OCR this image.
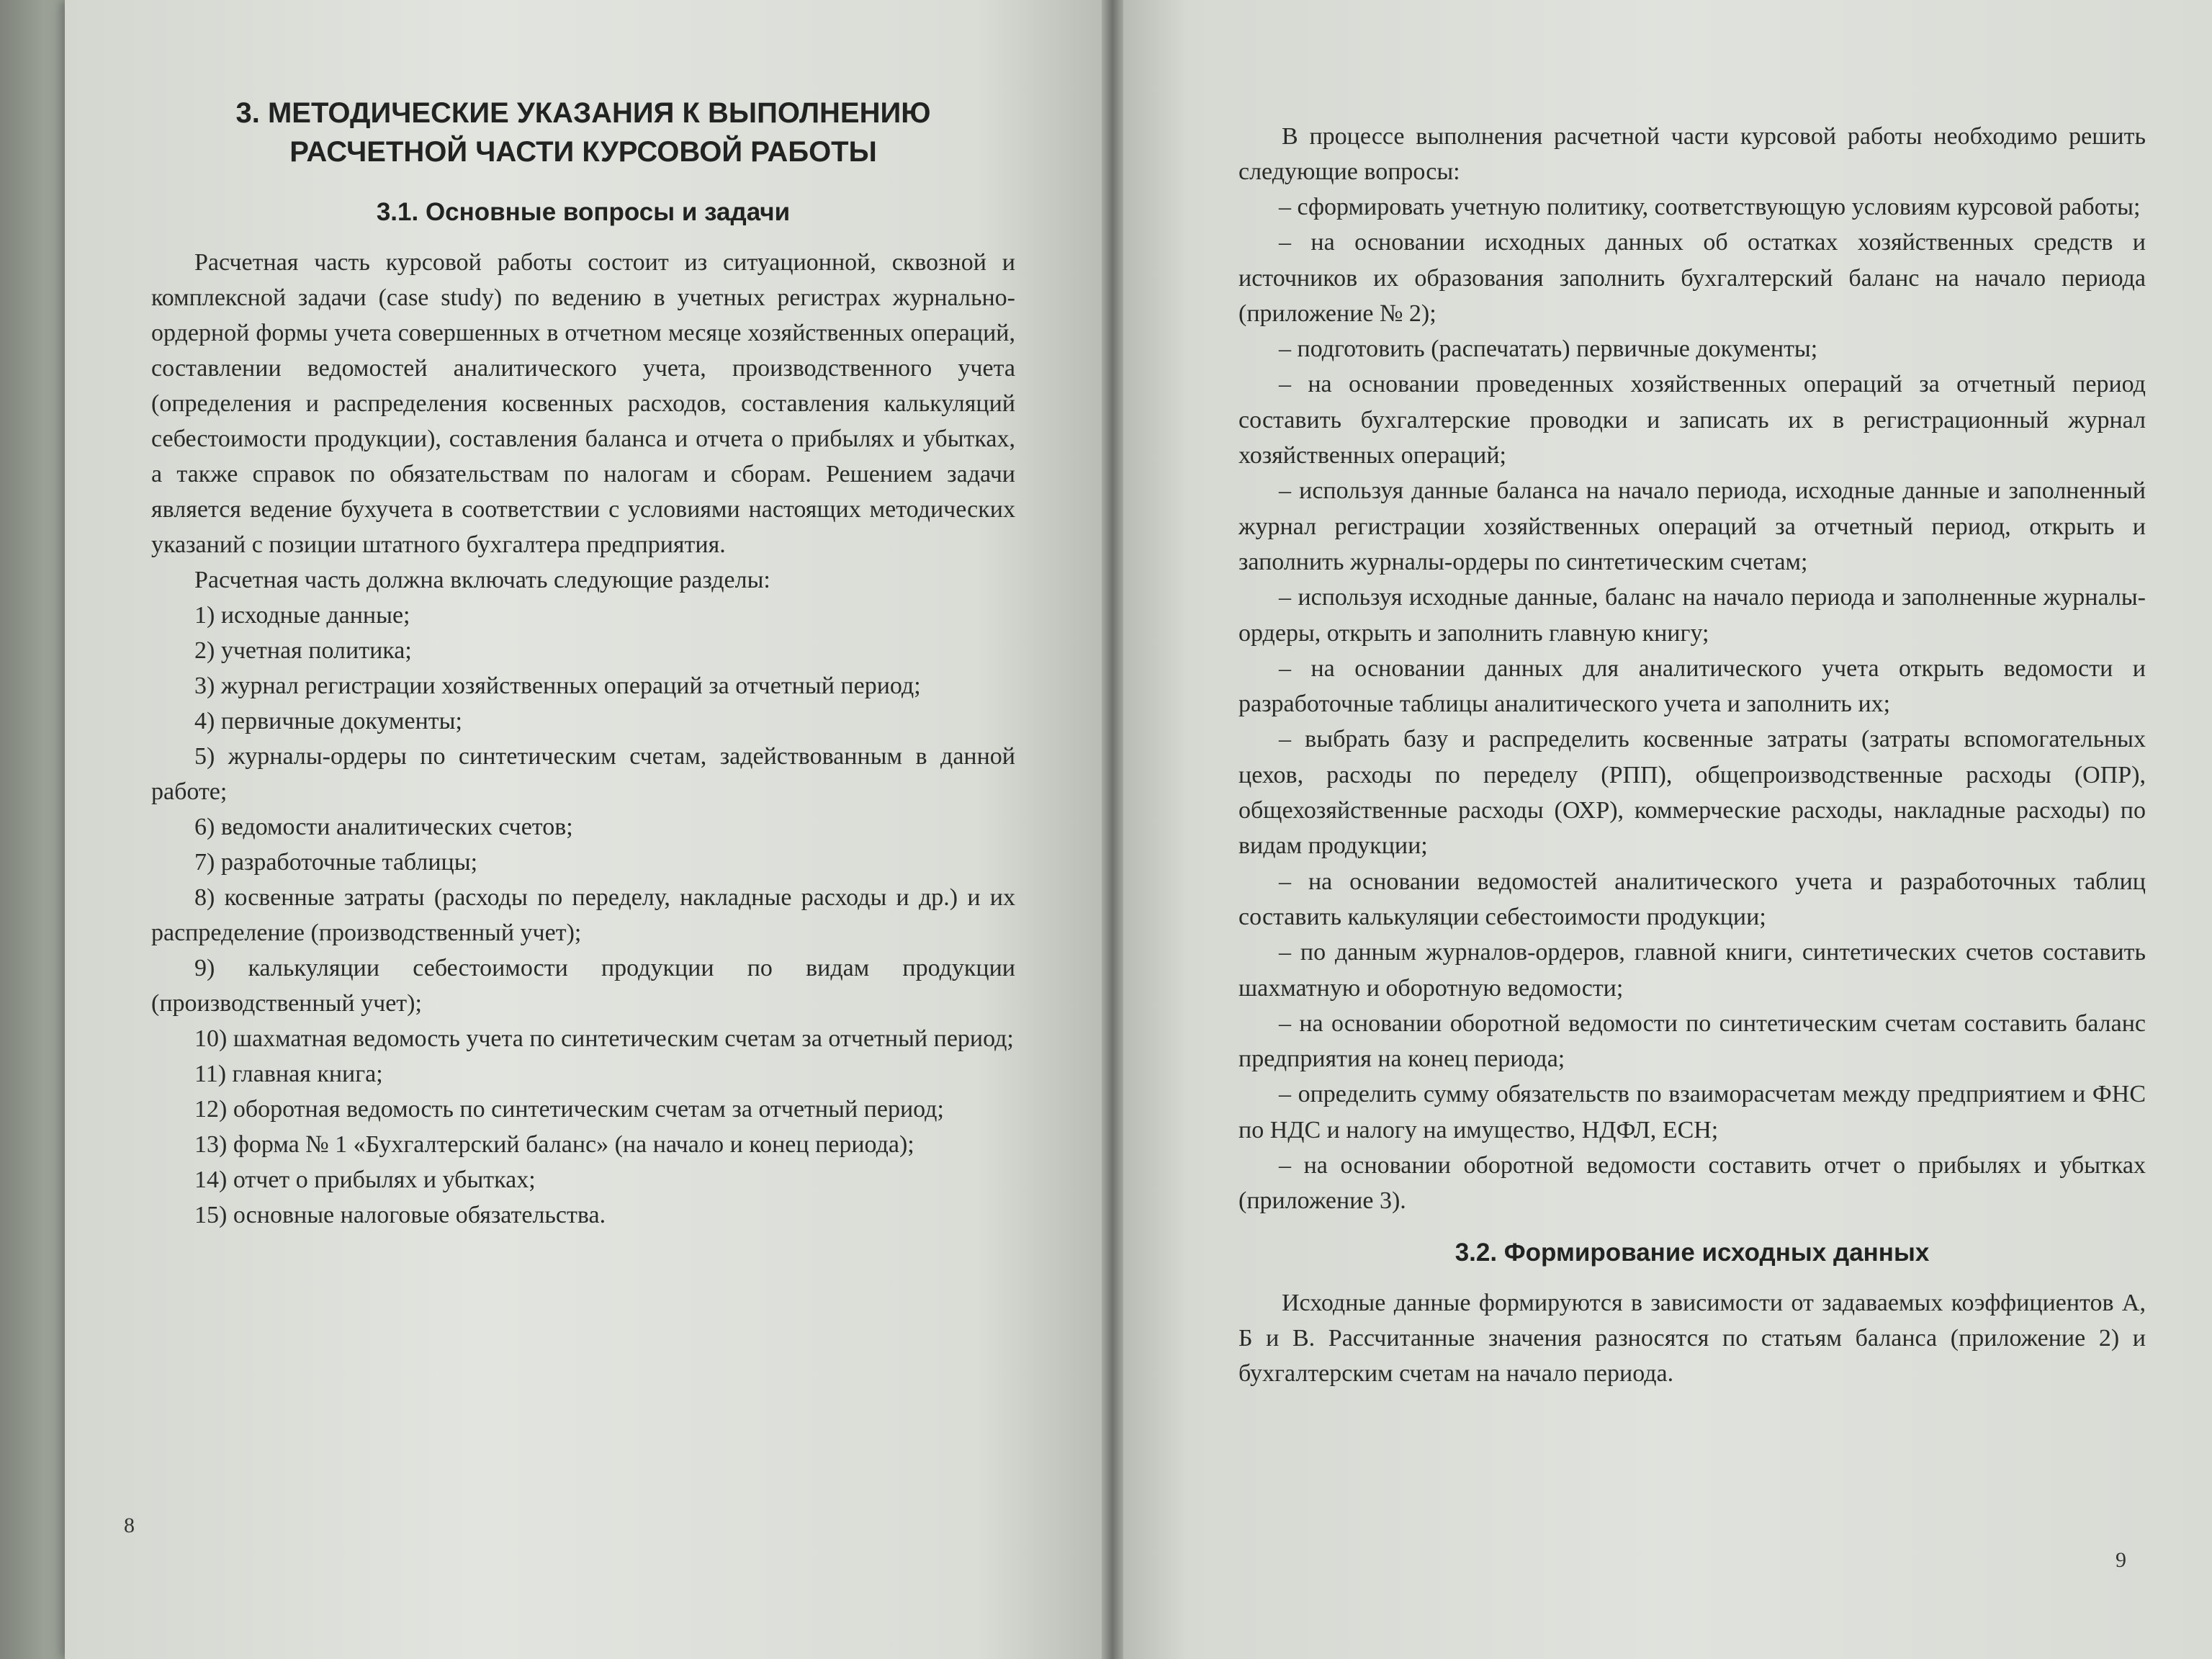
3. МЕТОДИЧЕСКИЕ УКАЗАНИЯ К ВЫПОЛНЕНИЮ
РАСЧЕТНОЙ ЧАСТИ КУРСОВОЙ РАБОТЫ
3.1. Основные вопросы и задачи

Расчетная часть курсовой работы состоит из ситуационной, сквозной и комплексной задачи (case study) по ведению в учетных регистрах журнально-ордерной формы учета совершенных в отчетном месяце хозяйственных операций, составлении ведомостей аналитического учета, производственного учета (определения и распределения косвенных расходов, составления калькуляций себестоимости продукции), составления баланса и отчета о прибылях и убытках, а также справок по обязательствам по налогам и сборам. Решением задачи является ведение бухучета в соответствии с условиями настоящих методических указаний с позиции штатного бухгалтера предприятия.

Расчетная часть должна включать следующие разделы:

1) исходные данные;
2) учетная политика;
3) журнал регистрации хозяйственных операций за отчетный период;
4) первичные документы;
5) журналы-ордеры по синтетическим счетам, задействованным в данной работе;
6) ведомости аналитических счетов;
7) разработочные таблицы;
8) косвенные затраты (расходы по переделу, накладные расходы и др.) и их распределение (производственный учет);
9) калькуляции себестоимости продукции по видам продукции (производственный учет);
10) шахматная ведомость учета по синтетическим счетам за отчетный период;
11) главная книга;
12) оборотная ведомость по синтетическим счетам за отчетный период;
13) форма № 1 «Бухгалтерский баланс» (на начало и конец периода);
14) отчет о прибылях и убытках;
15) основные налоговые обязательства.
8

В процессе выполнения расчетной части курсовой работы необходимо решить следующие вопросы:

– сформировать учетную политику, соответствующую условиям курсовой работы;
– на основании исходных данных об остатках хозяйственных средств и источников их образования заполнить бухгалтерский баланс на начало периода (приложение № 2);
– подготовить (распечатать) первичные документы;
– на основании проведенных хозяйственных операций за отчетный период составить бухгалтерские проводки и записать их в регистрационный журнал хозяйственных операций;
– используя данные баланса на начало периода, исходные данные и заполненный журнал регистрации хозяйственных операций за отчетный период, открыть и заполнить журналы-ордеры по синтетическим счетам;
– используя исходные данные, баланс на начало периода и заполненные журналы-ордеры, открыть и заполнить главную книгу;
– на основании данных для аналитического учета открыть ведомости и разработочные таблицы аналитического учета и заполнить их;
– выбрать базу и распределить косвенные затраты (затраты вспомогательных цехов, расходы по переделу (РПП), общепроизводственные расходы (ОПР), общехозяйственные расходы (ОХР), коммерческие расходы, накладные расходы) по видам продукции;
– на основании ведомостей аналитического учета и разработочных таблиц составить калькуляции себестоимости продукции;
– по данным журналов-ордеров, главной книги, синтетических счетов составить шахматную и оборотную ведомости;
– на основании оборотной ведомости по синтетическим счетам составить баланс предприятия на конец периода;
– определить сумму обязательств по взаиморасчетам между предприятием и ФНС по НДС и налогу на имущество, НДФЛ, ЕСН;
– на основании оборотной ведомости составить отчет о прибылях и убытках (приложение 3).
3.2. Формирование исходных данных

Исходные данные формируются в зависимости от задаваемых коэффициентов А, Б и В. Рассчитанные значения разносятся по статьям баланса (приложение 2) и бухгалтерским счетам на начало периода.

9
